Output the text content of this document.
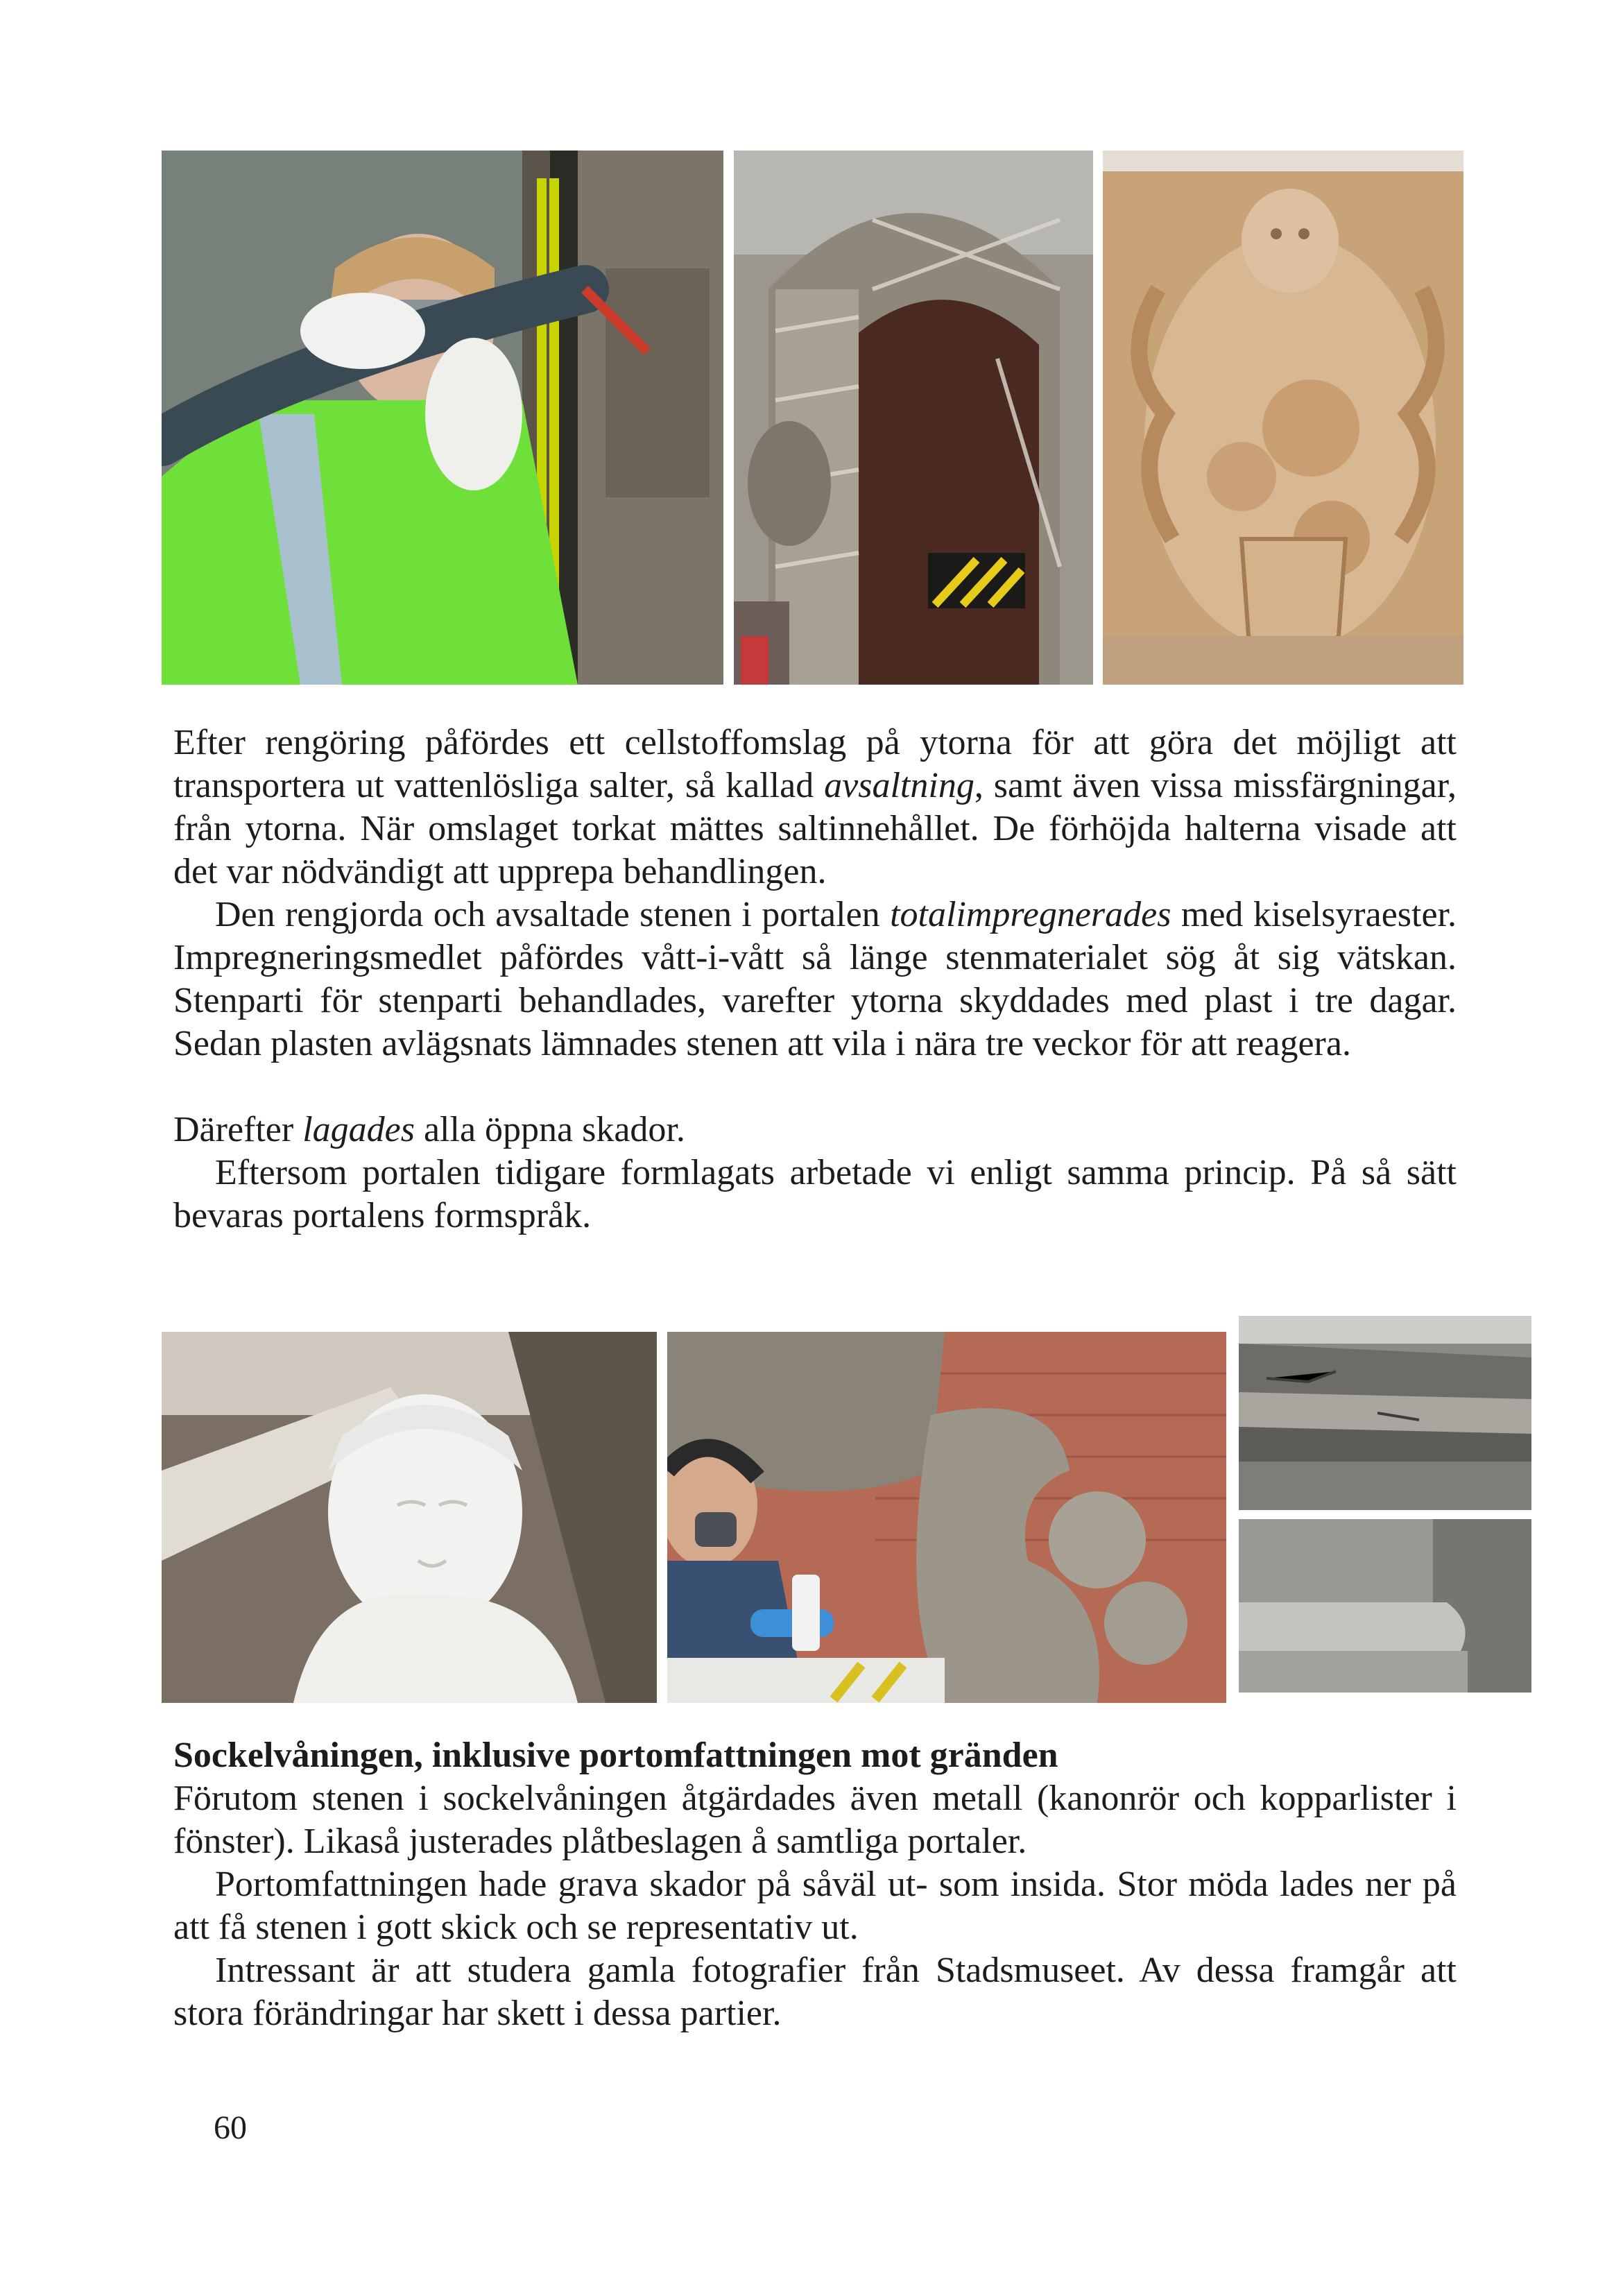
Efter rengöring påfördes ett cellstoffomslag på ytorna för att göra det möjligt att transportera ut vattenlösliga salter, så kallad avsaltning, samt även vissa missfärgningar, från ytorna. När omslaget torkat mättes saltinnehållet. De förhöjda halterna visade att det var nödvändigt att upprepa behandlingen.

Den rengjorda och avsaltade stenen i portalen totalimpregnerades med kiselsyraester. Impregneringsmedlet påfördes vått-i-vått så länge stenmaterialet sög åt sig vätskan. Stenparti för stenparti behandlades, varefter ytorna skyddades med plast i tre dagar. Sedan plasten avlägsnats lämnades stenen att vila i nära tre veckor för att reagera.

Därefter lagades alla öppna skador.

Eftersom portalen tidigare formlagats arbetade vi enligt samma princip. På så sätt bevaras portalens formspråk.

Sockelvåningen, inklusive portomfattningen mot gränden

Förutom stenen i sockelvåningen åtgärdades även metall (kanonrör och kopparlister i fönster). Likaså justerades plåtbeslagen å samtliga portaler.

Portomfattningen hade grava skador på såväl ut- som insida. Stor möda lades ner på att få stenen i gott skick och se representativ ut.

Intressant är att studera gamla fotografier från Stadsmuseet. Av dessa framgår att stora förändringar har skett i dessa partier.

60
